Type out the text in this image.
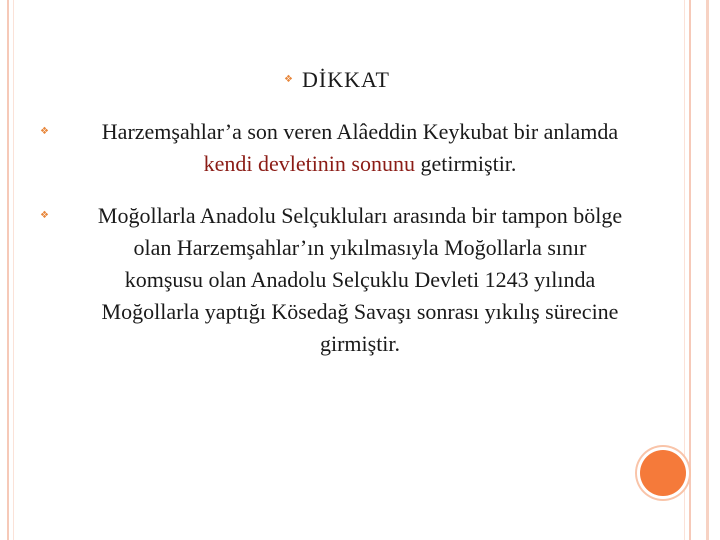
❖ DİKKAT
❖	Harzemşahlar’a son veren Alâeddin Keykubat bir anlamda
kendi devletinin sonunu getirmiştir.
❖	Moğollarla Anadolu Selçukluları arasında bir tampon bölge
olan Harzemşahlar’ın yıkılmasıyla Moğollarla sınır
komşusu olan Anadolu Selçuklu Devleti 1243 yılında
Moğollarla yaptığı Kösedağ Savaşı sonrası yıkılış sürecine
girmiştir.
